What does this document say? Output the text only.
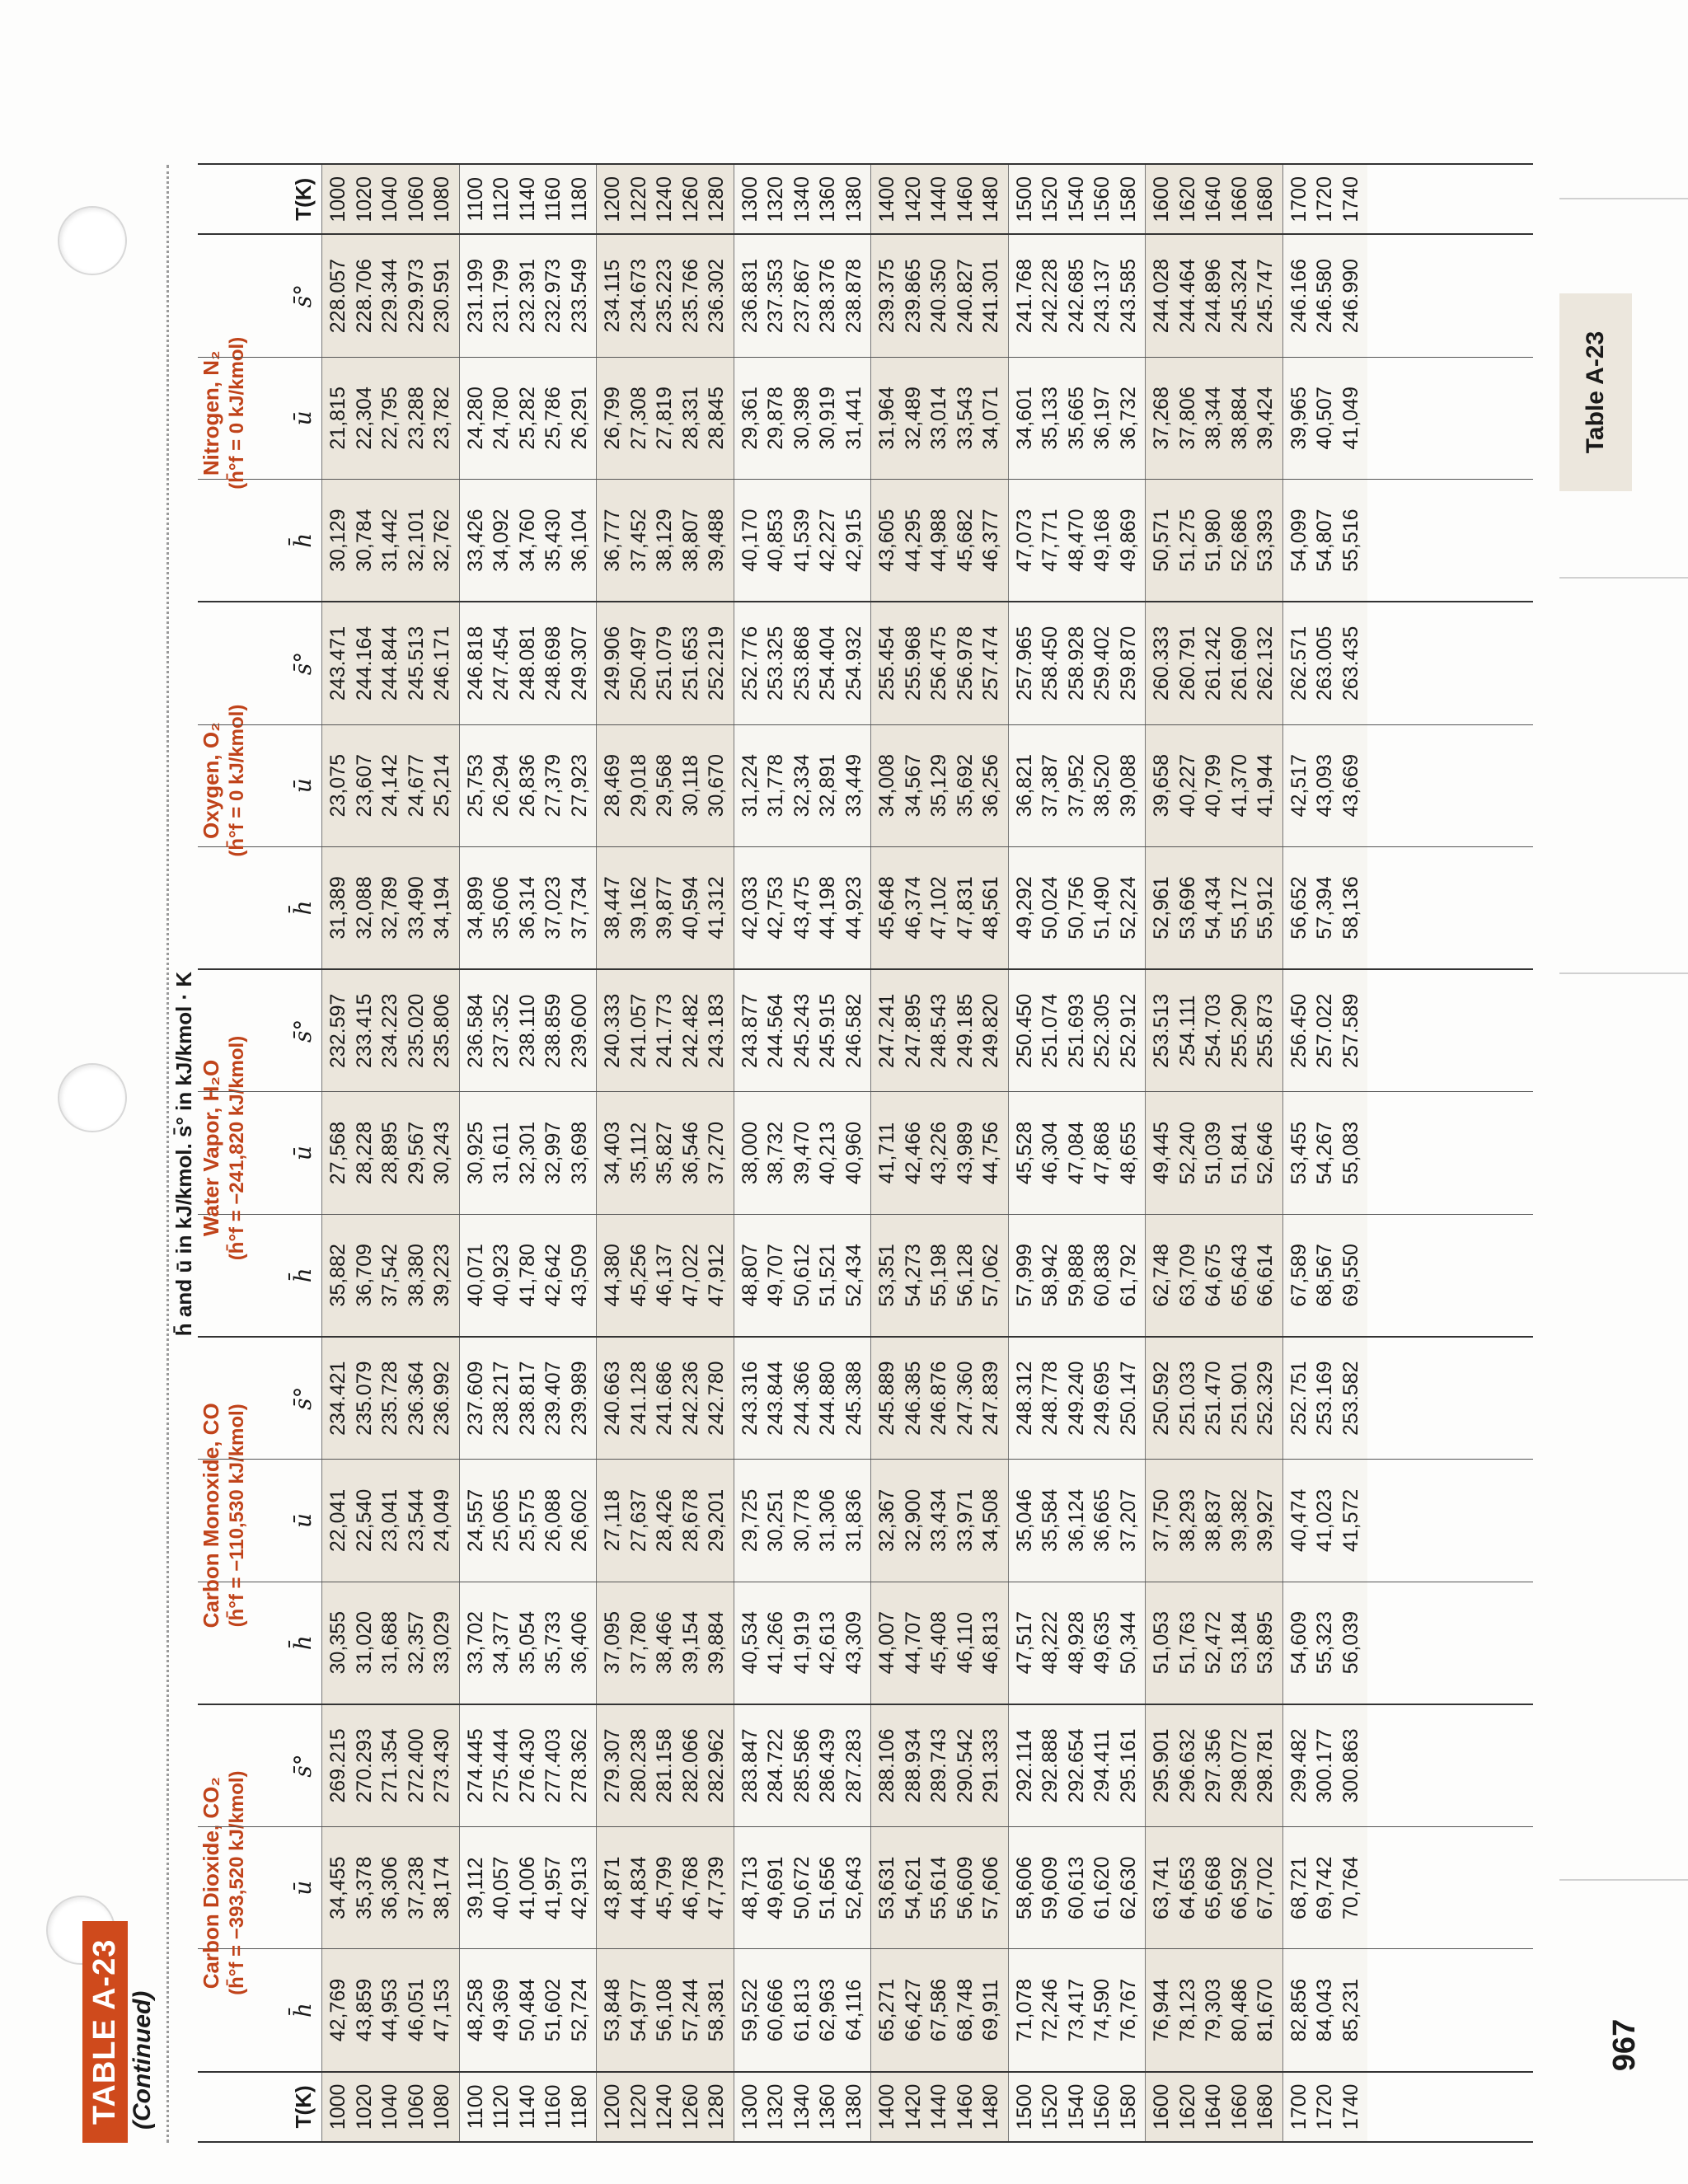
Table A-23
967
TABLE A-23 (Continued)
h̄ and ū in kJ/kmol. s̄° in kJ/kmol · K
T(K) 1000 1020 1040 1060 1080 1100 1120 1140 1160 1180 1200 1220 1240 1260 1280 1300 1320 1340 1360 1380 1400 1420 1440 1460 1480 1500 1520 1540 1560 1580 1600 1620 1640 1660 1680 1700 1720 1740
Carbon Dioxide, CO₂ (h̄°f = −393,520 kJ/kmol)
h̄ 42,769 43,859 44,953 46,051 47,153 48,258 49,369 50,484 51,602 52,724 53,848 54,977 56,108 57,244 58,381 59,522 60,666 61,813 62,963 64,116 65,271 66,427 67,586 68,748 69,911 71,078 72,246 73,417 74,590 76,767 76,944 78,123 79,303 80,486 81,670 82,856 84,043 85,231
ū 34,455 35,378 36,306 37,238 38,174 39,112 40,057 41,006 41,957 42,913 43,871 44,834 45,799 46,768 47,739 48,713 49,691 50,672 51,656 52,643 53,631 54,621 55,614 56,609 57,606 58,606 59,609 60,613 61,620 62,630 63,741 64,653 65,668 66,592 67,702 68,721 69,742 70,764
s̄° 269.215 270.293 271.354 272.400 273.430 274.445 275.444 276.430 277.403 278.362 279.307 280.238 281.158 282.066 282.962 283.847 284.722 285.586 286.439 287.283 288.106 288.934 289.743 290.542 291.333 292.114 292.888 292.654 294.411 295.161 295.901 296.632 297.356 298.072 298.781 299.482 300.177 300.863
Carbon Monoxide, CO (h̄°f = −110,530 kJ/kmol)
h̄ 30,355 31,020 31,688 32,357 33,029 33,702 34,377 35,054 35,733 36,406 37,095 37,780 38,466 39,154 39,884 40,534 41,266 41,919 42,613 43,309 44,007 44,707 45,408 46,110 46,813 47,517 48,222 48,928 49,635 50,344 51,053 51,763 52,472 53,184 53,895 54,609 55,323 56,039
ū 22,041 22,540 23,041 23,544 24,049 24,557 25,065 25,575 26,088 26,602 27,118 27,637 28,426 28,678 29,201 29,725 30,251 30,778 31,306 31,836 32,367 32,900 33,434 33,971 34,508 35,046 35,584 36,124 36,665 37,207 37,750 38,293 38,837 39,382 39,927 40,474 41,023 41,572
s̄° 234.421 235.079 235.728 236.364 236.992 237.609 238.217 238.817 239.407 239.989 240.663 241.128 241.686 242.236 242.780 243.316 243.844 244.366 244.880 245.388 245.889 246.385 246.876 247.360 247.839 248.312 248.778 249.240 249.695 250.147 250.592 251.033 251.470 251.901 252.329 252.751 253.169 253.582
Water Vapor, H₂O (h̄°f = −241,820 kJ/kmol)
h̄ 35,882 36,709 37,542 38,380 39,223 40,071 40,923 41,780 42,642 43,509 44,380 45,256 46,137 47,022 47,912 48,807 49,707 50,612 51,521 52,434 53,351 54,273 55,198 56,128 57,062 57,999 58,942 59,888 60,838 61,792 62,748 63,709 64,675 65,643 66,614 67,589 68,567 69,550
ū 27,568 28,228 28,895 29,567 30,243 30,925 31,611 32,301 32,997 33,698 34,403 35,112 35,827 36,546 37,270 38,000 38,732 39,470 40,213 40,960 41,711 42,466 43,226 43,989 44,756 45,528 46,304 47,084 47,868 48,655 49,445 52,240 51,039 51,841 52,646 53,455 54,267 55,083
s̄° 232.597 233.415 234.223 235.020 235.806 236.584 237.352 238.110 238.859 239.600 240.333 241.057 241.773 242.482 243.183 243.877 244.564 245.243 245.915 246.582 247.241 247.895 248.543 249.185 249.820 250.450 251.074 251.693 252.305 252.912 253.513 254.111 254.703 255.290 255.873 256.450 257.022 257.589
Oxygen, O₂ (h̄°f = 0 kJ/kmol)
h̄ 31,389 32,088 32,789 33,490 34,194 34,899 35,606 36,314 37,023 37,734 38,447 39,162 39,877 40,594 41,312 42,033 42,753 43,475 44,198 44,923 45,648 46,374 47,102 47,831 48,561 49,292 50,024 50,756 51,490 52,224 52,961 53,696 54,434 55,172 55,912 56,652 57,394 58,136
ū 23,075 23,607 24,142 24,677 25,214 25,753 26,294 26,836 27,379 27,923 28,469 29,018 29,568 30,118 30,670 31,224 31,778 32,334 32,891 33,449 34,008 34,567 35,129 35,692 36,256 36,821 37,387 37,952 38,520 39,088 39,658 40,227 40,799 41,370 41,944 42,517 43,093 43,669
s̄° 243.471 244.164 244.844 245.513 246.171 246.818 247.454 248.081 248.698 249.307 249.906 250.497 251.079 251.653 252.219 252.776 253.325 253.868 254.404 254.932 255.454 255.968 256.475 256.978 257.474 257.965 258.450 258.928 259.402 259.870 260.333 260.791 261.242 261.690 262.132 262.571 263.005 263.435
Nitrogen, N₂ (h̄°f = 0 kJ/kmol)
h̄ 30,129 30,784 31,442 32,101 32,762 33,426 34,092 34,760 35,430 36,104 36,777 37,452 38,129 38,807 39,488 40,170 40,853 41,539 42,227 42,915 43,605 44,295 44,988 45,682 46,377 47,073 47,771 48,470 49,168 49,869 50,571 51,275 51,980 52,686 53,393 54,099 54,807 55,516
ū 21,815 22,304 22,795 23,288 23,782 24,280 24,780 25,282 25,786 26,291 26,799 27,308 27,819 28,331 28,845 29,361 29,878 30,398 30,919 31,441 31,964 32,489 33,014 33,543 34,071 34,601 35,133 35,665 36,197 36,732 37,268 37,806 38,344 38,884 39,424 39,965 40,507 41,049
s̄° 228.057 228.706 229.344 229.973 230.591 231.199 231.799 232.391 232.973 233.549 234.115 234.673 235.223 235.766 236.302 236.831 237.353 237.867 238.376 238.878 239.375 239.865 240.350 240.827 241.301 241.768 242.228 242.685 243.137 243.585 244.028 244.464 244.896 245.324 245.747 246.166 246.580 246.990
T(K) 1000 1020 1040 1060 1080 1100 1120 1140 1160 1180 1200 1220 1240 1260 1280 1300 1320 1340 1360 1380 1400 1420 1440 1460 1480 1500 1520 1540 1560 1580 1600 1620 1640 1660 1680 1700 1720 1740
